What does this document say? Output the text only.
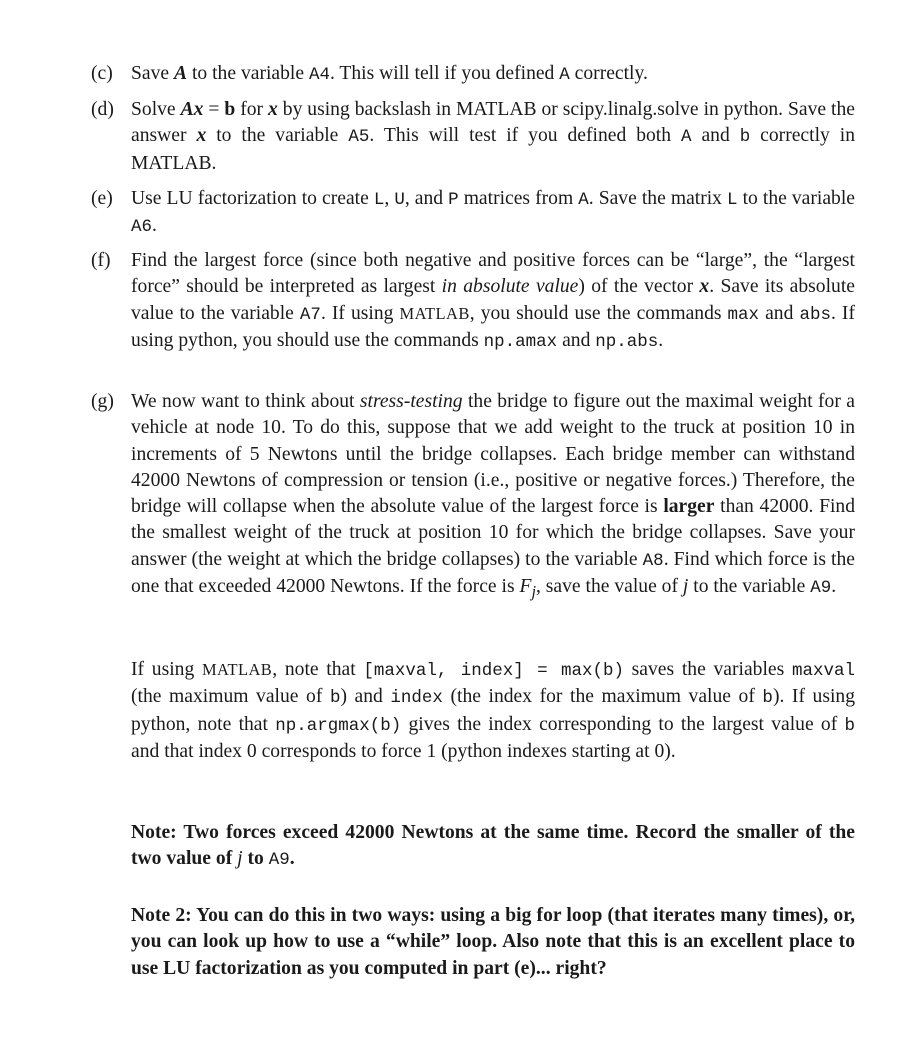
(c) Save A to the variable A4. This will tell if you defined A correctly.

(d) Solve Ax = b for x by using backslash in MATLAB or scipy.linalg.solve in python. Save the answer x to the variable A5. This will test if you defined both A and b correctly in MATLAB.

(e) Use LU factorization to create L, U, and P matrices from A. Save the matrix L to the variable A6.

(f) Find the largest force (since both negative and positive forces can be “large”, the “largest force” should be interpreted as largest in absolute value) of the vector x. Save its absolute value to the variable A7. If using MATLAB, you should use the commands max and abs. If using python, you should use the commands np.amax and np.abs.

(g) We now want to think about stress-testing the bridge to figure out the maximal weight for a vehicle at node 10. To do this, suppose that we add weight to the truck at position 10 in increments of 5 Newtons until the bridge collapses. Each bridge member can withstand 42000 Newtons of compression or tension (i.e., positive or negative forces.) Therefore, the bridge will collapse when the absolute value of the largest force is larger than 42000. Find the smallest weight of the truck at position 10 for which the bridge collapses. Save your answer (the weight at which the bridge collapses) to the variable A8. Find which force is the one that exceeded 42000 Newtons. If the force is $F_j$, save the value of j to the variable A9.

If using MATLAB, note that [maxval, index] = max(b) saves the variables maxval (the maximum value of b) and index (the index for the maximum value of b). If using python, note that np.argmax(b) gives the index corresponding to the largest value of b and that index 0 corresponds to force 1 (python indexes starting at 0).

Note: Two forces exceed 42000 Newtons at the same time. Record the smaller of the two value of j to A9.

Note 2: You can do this in two ways: using a big for loop (that iterates many times), or, you can look up how to use a “while” loop. Also note that this is an excellent place to use LU factorization as you computed in part (e)... right?
